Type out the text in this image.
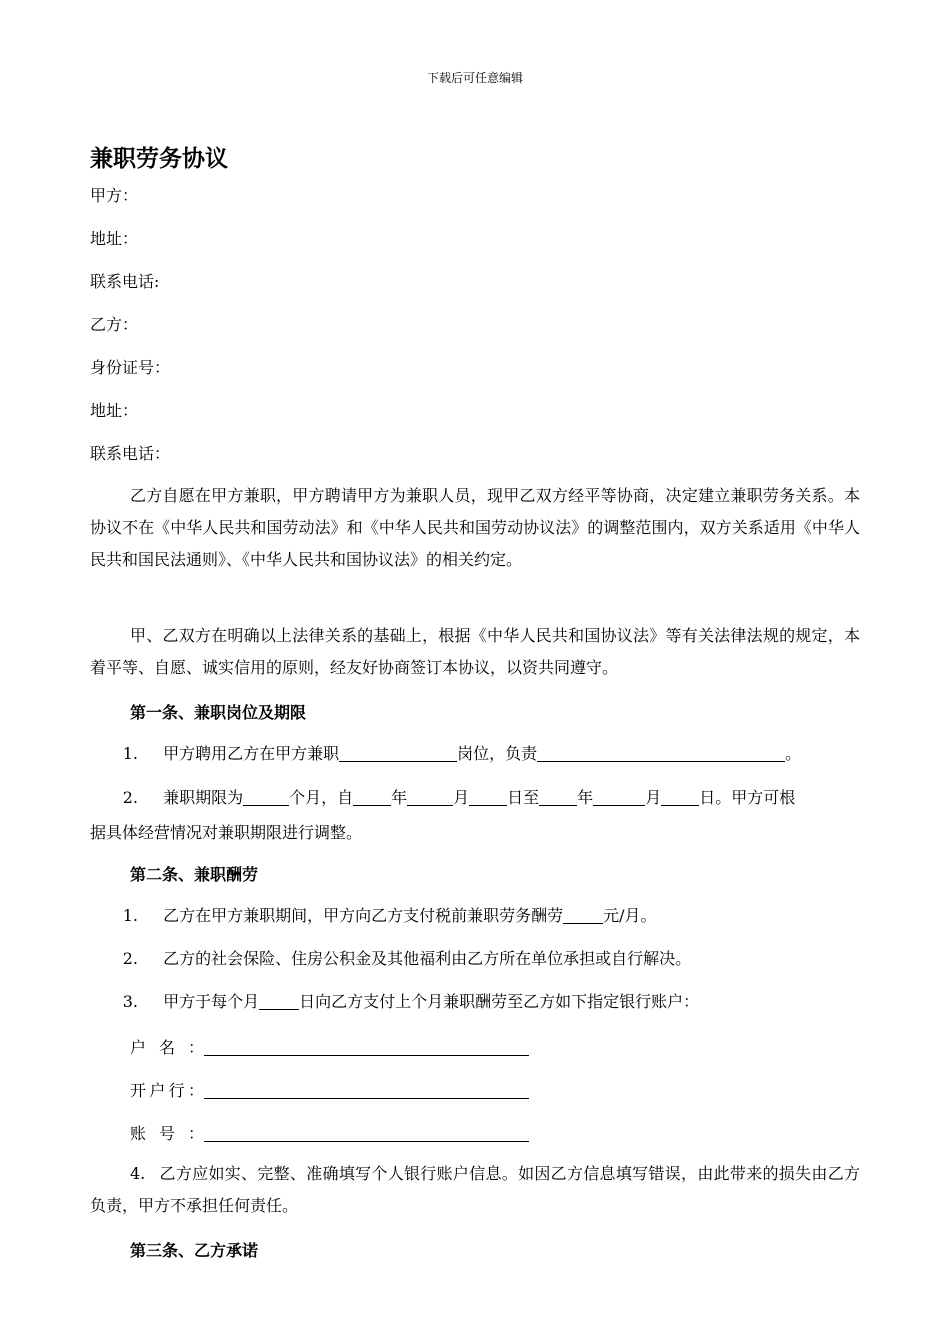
下载后可任意编辑
兼职劳务协议
甲方：
地址：
联系电话:
乙方：
身份证号：
地址：
联系电话：
乙方自愿在甲方兼职，甲方聘请甲方为兼职人员，现甲乙双方经平等协商，决定建立兼职劳务关系。本协议不在《中华人民共和国劳动法》和《中华人民共和国劳动协议法》的调整范围内，双方关系适用《中华人民共和国民法通则》、《中华人民共和国协议法》的相关约定。
甲、乙双方在明确以上法律关系的基础上，根据《中华人民共和国协议法》等有关法律法规的规定，本着平等、自愿、诚实信用的原则，经友好协商签订本协议，以资共同遵守。
第一条、兼职岗位及期限
1. 甲方聘用乙方在甲方兼职	岗位，负责	。
2. 兼职期限为	个月，自 年	月 日至 年	月 日。甲方可根
据具体经营情况对兼职期限进行调整。
第二条、兼职酬劳
1. 乙方在甲方兼职期间，甲方向乙方支付税前兼职劳务酬劳	元/月。
2. 乙方的社会保险、住房公积金及其他福利由乙方所在单位承担或自行解决。
3. 甲方于每个月	日向乙方支付上个月兼职酬劳至乙方如下指定银行账户：
户名：
开户行：
账号：
4. 乙方应如实、完整、准确填写个人银行账户信息。如因乙方信息填写错误，由此带来的损失由乙方负责，甲方不承担任何责任。
第三条、乙方承诺
